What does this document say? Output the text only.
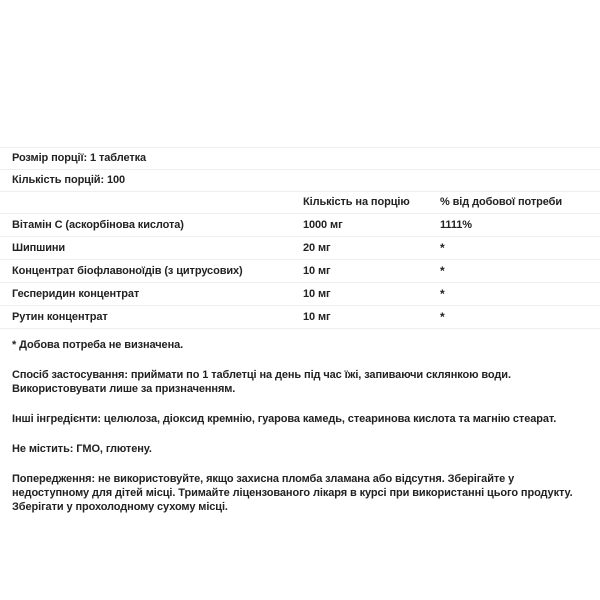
Розмір порції: 1 таблетка
Кількість порцій: 100
	Кількість на порцію	% від добової потреби
Вітамін C (аскорбінова кислота)	1000 мг	1111%
Шипшини	20 мг	*
Концентрат біофлавоноїдів (з цитрусових)	10 мг	*
Гесперидин концентрат	10 мг	*
Рутин концентрат	10 мг	*

* Добова потреба не визначена.

Спосіб застосування: приймати по 1 таблетці на день під час їжі, запиваючи склянкою води. Використовувати лише за призначенням.

Інші інгредієнти: целюлоза, діоксид кремнію, гуарова камедь, стеаринова кислота та магнію стеарат.

Не містить: ГМО, глютену.

Попередження: не використовуйте, якщо захисна пломба зламана або відсутня. Зберігайте у недоступному для дітей місці. Тримайте ліцензованого лікаря в курсі при використанні цього продукту. Зберігати у прохолодному сухому місці.
